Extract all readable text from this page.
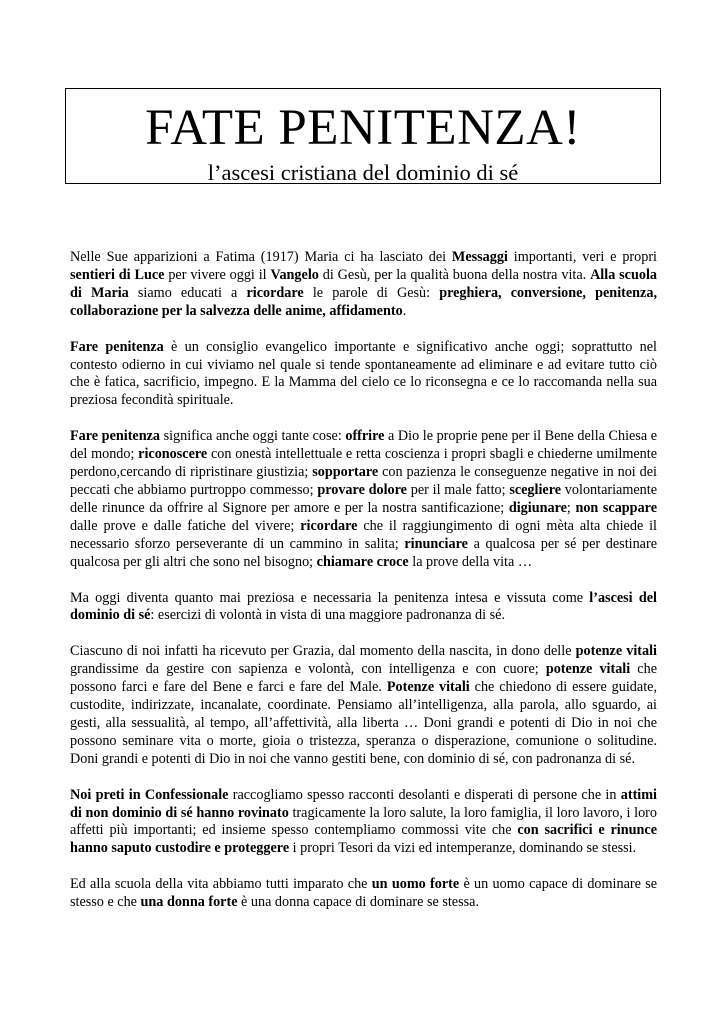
FATE PENITENZA!
l’ascesi cristiana del dominio di sé

Nelle Sue apparizioni a Fatima (1917) Maria ci ha lasciato dei Messaggi importanti, veri e propri sentieri di Luce per vivere oggi il Vangelo di Gesù, per la qualità buona della nostra vita. Alla scuola di Maria siamo educati a ricordare le parole di Gesù: preghiera, conversione, penitenza, collaborazione per la salvezza delle anime, affidamento.

Fare penitenza è un consiglio evangelico importante e significativo anche oggi; soprattutto nel contesto odierno in cui viviamo nel quale si tende spontaneamente ad eliminare e ad evitare tutto ciò che è fatica, sacrificio, impegno. E la Mamma del cielo ce lo riconsegna e ce lo raccomanda nella sua preziosa fecondità spirituale.

Fare penitenza significa anche oggi tante cose: offrire a Dio le proprie pene per il Bene della Chiesa e del mondo; riconoscere con onestà intellettuale e retta coscienza i propri sbagli e chiederne umilmente perdono,cercando di ripristinare giustizia; sopportare con pazienza le conseguenze negative in noi dei peccati che abbiamo purtroppo commesso; provare dolore per il male fatto; scegliere volontariamente delle rinunce da offrire al Signore per amore e per la nostra santificazione; digiunare; non scappare dalle prove e dalle fatiche del vivere; ricordare che il raggiungimento di ogni mèta alta chiede il necessario sforzo perseverante di un cammino in salita; rinunciare a qualcosa per sé per destinare qualcosa per gli altri che sono nel bisogno; chiamare croce la prove della vita …

Ma oggi diventa quanto mai preziosa e necessaria la penitenza intesa e vissuta come l’ascesi del dominio di sé: esercizi di volontà in vista di una maggiore padronanza di sé.

Ciascuno di noi infatti ha ricevuto per Grazia, dal momento della nascita, in dono delle potenze vitali grandissime da gestire con sapienza e volontà, con intelligenza e con cuore; potenze vitali che possono farci e fare del Bene e farci e fare del Male. Potenze vitali che chiedono di essere guidate, custodite, indirizzate, incanalate, coordinate. Pensiamo all’intelligenza, alla parola, allo sguardo, ai gesti, alla sessualità, al tempo, all’affettività, alla liberta … Doni grandi e potenti di Dio in noi che possono seminare vita o morte, gioia o tristezza, speranza o disperazione, comunione o solitudine. Doni grandi e potenti di Dio in noi che vanno gestiti bene, con dominio di sé, con padronanza di sé.

Noi preti in Confessionale raccogliamo spesso racconti desolanti e disperati di persone che in attimi di non dominio di sé hanno rovinato tragicamente la loro salute, la loro famiglia, il loro lavoro, i loro affetti più importanti; ed insieme spesso contempliamo commossi vite che con sacrifici e rinunce hanno saputo custodire e proteggere i propri Tesori da vizi ed intemperanze, dominando se stessi.

Ed alla scuola della vita abbiamo tutti imparato che un uomo forte è un uomo capace di dominare se stesso e che una donna forte è una donna capace di dominare se stessa.
